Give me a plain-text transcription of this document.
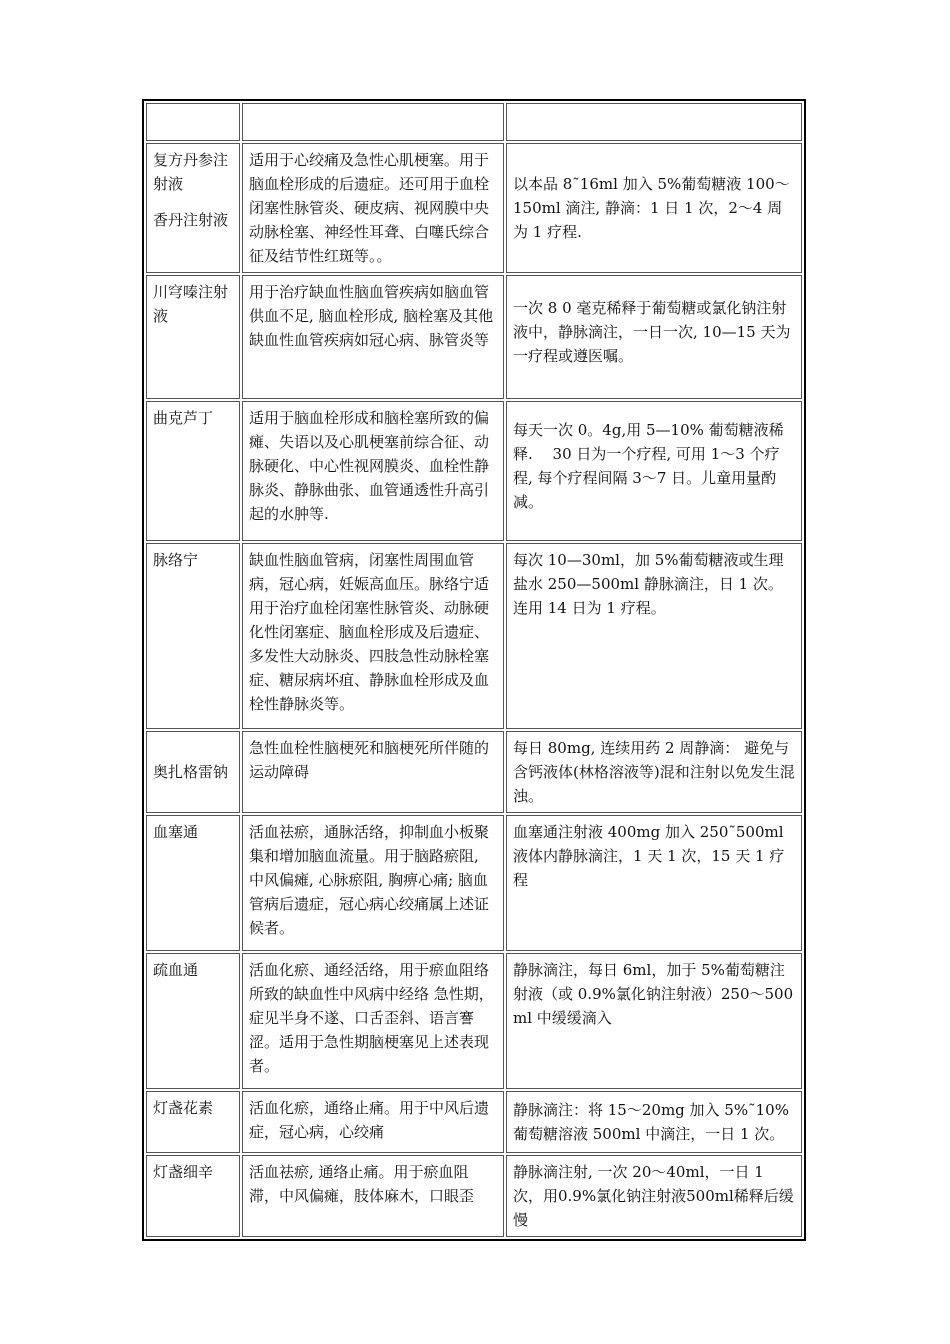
复方丹参注射液
香丹注射液	适用于心绞痛及急性心肌梗塞。用于脑血栓形成的后遗症。还可用于血栓闭塞性脉管炎、硬皮病、视网膜中央动脉栓塞、神经性耳聋、白噻氏综合征及结节性红斑等。。	以本品 8˜16ml 加入 5%葡萄糖液 100～150ml 滴注, 静滴：1 日 1 次，2～4 周为 1 疗程.

川穹嗪注射液	用于治疗缺血性脑血管疾病如脑血管供血不足, 脑血栓形成, 脑栓塞及其他缺血性血管疾病如冠心病、脉管炎等	一次 8 0 毫克稀释于葡萄糖或氯化钠注射液中，静脉滴注，一日一次, 10—15 天为一疗程或遵医嘱。

曲克芦丁	适用于脑血栓形成和脑栓塞所致的偏瘫、失语以及心肌梗塞前综合征、动脉硬化、中心性视网膜炎、血栓性静脉炎、静脉曲张、血管通透性升高引起的水肿等.	每天一次 0。4g,用 5—10% 葡萄糖液稀释.　 30 日为一个疗程, 可用 1～3 个疗程, 每个疗程间隔 3～7 日。儿童用量酌减。

脉络宁	缺血性脑血管病，闭塞性周围血管病，冠心病，妊娠高血压。脉络宁适用于治疗血栓闭塞性脉管炎、动脉硬化性闭塞症、脑血栓形成及后遗症、多发性大动脉炎、四肢急性动脉栓塞症、糖尿病坏疽、静脉血栓形成及血栓性静脉炎等。	每次 10—30ml，加 5%葡萄糖液或生理盐水 250—500ml 静脉滴注，日 1 次。连用 14 日为 1 疗程。

奥扎格雷钠	急性血栓性脑梗死和脑梗死所伴随的运动障碍	每日 80mg, 连续用药 2 周静滴： 避免与含钙液体(林格溶液等)混和注射以免发生混浊。

血塞通	活血祛瘀，通脉活络，抑制血小板聚集和增加脑血流量。用于脑路瘀阻, 中风偏瘫, 心脉瘀阻, 胸痹心痛; 脑血管病后遗症，冠心病心绞痛属上述证候者。	血塞通注射液 400mg 加入 250˜500ml 液体内静脉滴注，1 天 1 次，15 天 1 疗程

疏血通	活血化瘀、通经活络，用于瘀血阻络所致的缺血性中风病中经络 急性期，症见半身不遂、口舌歪斜、语言謇涩。适用于急性期脑梗塞见上述表现者。	静脉滴注，每日 6ml，加于 5%葡萄糖注射液（或 0.9%氯化钠注射液）250～500ml 中缓缓滴入

灯盏花素	活血化瘀，通络止痛。用于中风后遗症，冠心病，心绞痛	静脉滴注：将 15～20mg 加入 5%˜10%葡萄糖溶液 500ml 中滴注，一日 1 次。

灯盏细辛	活血祛瘀, 通络止痛。用于瘀血阻滞，中风偏瘫，肢体麻木，口眼歪	静脉滴注射, 一次 20～40ml，一日 1 次，用0.9%氯化钠注射液500ml稀释后缓慢
